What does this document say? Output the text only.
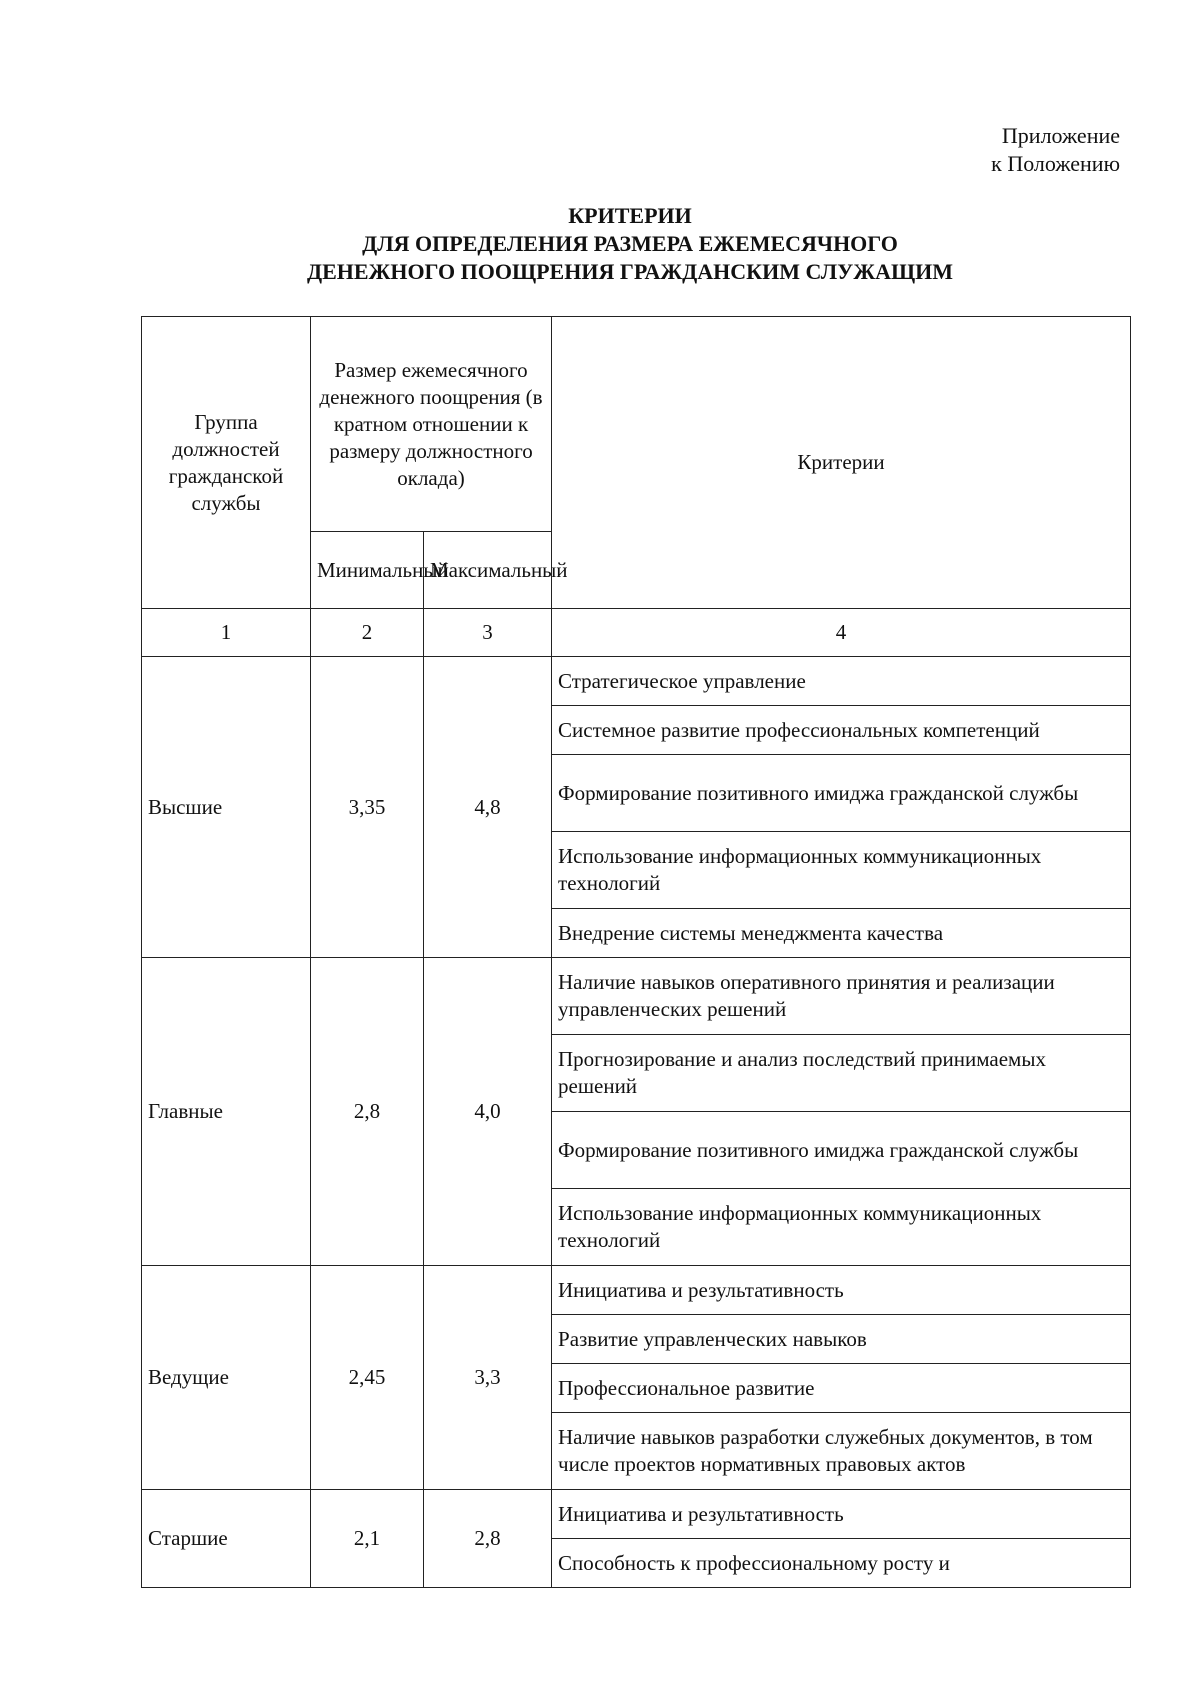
Приложение
к Положению
КРИТЕРИИ
ДЛЯ ОПРЕДЕЛЕНИЯ РАЗМЕРА ЕЖЕМЕСЯЧНОГО
ДЕНЕЖНОГО ПООЩРЕНИЯ ГРАЖДАНСКИМ СЛУЖАЩИМ
Группа должностей гражданской службы	Размер ежемесячного денежного поощрения (в кратном отношении к размеру должностного оклада)		Критерии
	Минимальный	Максимальный	
1	2	3	4
Высшие	3,35	4,8	Стратегическое управление
			Системное развитие профессиональных компетенций
			Формирование позитивного имиджа гражданской службы
			Использование информационных коммуникационных технологий
			Внедрение системы менеджмента качества
Главные	2,8	4,0	Наличие навыков оперативного принятия и реализации управленческих решений
			Прогнозирование и анализ последствий принимаемых решений
			Формирование позитивного имиджа гражданской службы
			Использование информационных коммуникационных технологий
Ведущие	2,45	3,3	Инициатива и результативность
			Развитие управленческих навыков
			Профессиональное развитие
			Наличие навыков разработки служебных документов, в том числе проектов нормативных правовых актов
Старшие	2,1	2,8	Инициатива и результативность
			Способность к профессиональному росту и
